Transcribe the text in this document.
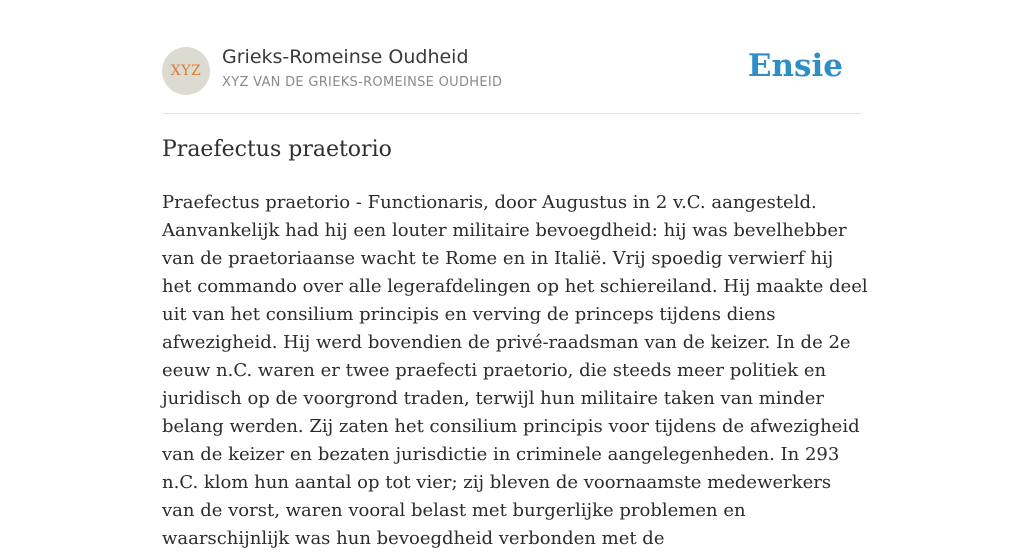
XYZ
Grieks-Romeinse Oudheid
XYZ VAN DE GRIEKS-ROMEINSE OUDHEID	Ensie
Praefectus praetorio

Praefectus praetorio - Functionaris, door Augustus in 2 v.C. aangesteld. Aanvankelijk had hij een louter militaire bevoegdheid: hij was bevelhebber van de praetoriaanse wacht te Rome en in Italië. Vrij spoedig verwierf hij het commando over alle legerafdelingen op het schiereiland. Hij maakte deel uit van het consilium principis en verving de princeps tijdens diens afwezigheid. Hij werd bovendien de privé-raadsman van de keizer. In de 2e eeuw n.C. waren er twee praefecti praetorio, die steeds meer politiek en juridisch op de voorgrond traden, terwijl hun militaire taken van minder belang werden. Zij zaten het consilium principis voor tijdens de afwezigheid van de keizer en bezaten jurisdictie in criminele aangelegenheden. In 293 n.C. klom hun aantal op tot vier; zij bleven de voornaamste medewerkers van de vorst, waren vooral belast met burgerlijke problemen en waarschijnlijk was hun bevoegdheid verbonden met de
